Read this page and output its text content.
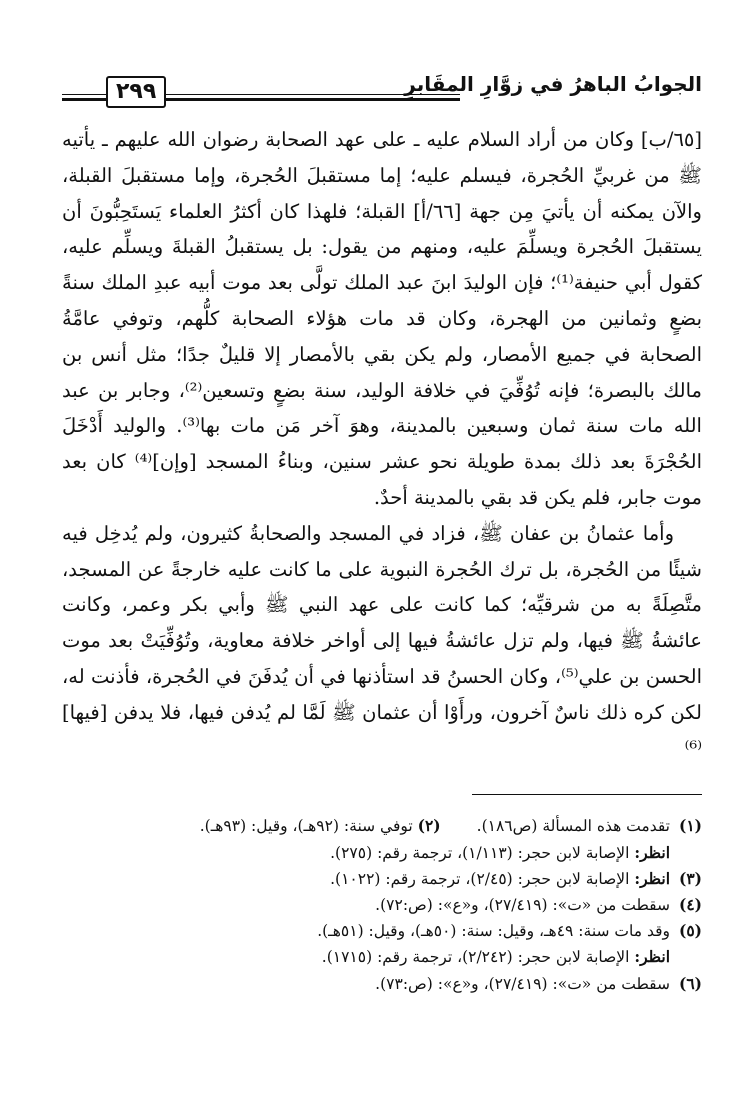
الجوابُ الباهرُ في زوَّارِ المقَابرِ
۲۹۹

[٦٥/ب] وكان من أراد السلام عليه ـ على عهد الصحابة رضوان الله عليهم ـ يأتيه ﷺ من غربيِّ الحُجرة، فيسلم عليه؛ إما مستقبلَ الحُجرة، وإما مستقبلَ القبلة، والآن يمكنه أن يأتيَ مِن جهة [٦٦/أ] القبلة؛ فلهذا كان أكثرُ العلماء يَستَحِبُّونَ أن يستقبلَ الحُجرة ويسلِّمَ عليه، ومنهم من يقول: بل يستقبلُ القبلةَ ويسلِّم عليه، كقول أبي حنيفة⁽¹⁾؛ فإن الوليدَ ابنَ عبد الملك تولَّى بعد موت أبيه عبدِ الملك سنةً بضعٍ وثمانين من الهجرة، وكان قد مات هؤلاء الصحابة كلُّهم، وتوفي عامَّةُ الصحابة في جميع الأمصار، ولم يكن بقي بالأمصار إلا قليلٌ جدًا؛ مثل أنس بن مالك بالبصرة؛ فإنه تُوُفِّيَ في خلافة الوليد، سنة بضعٍ وتسعين⁽²⁾، وجابر بن عبد الله مات سنة ثمان وسبعين بالمدينة، وهوَ آخر مَن مات بها⁽³⁾. والوليد أَدْخَلَ الحُجْرَةَ بعد ذلك بمدة طويلة نحو عشر سنين، وبناءُ المسجد [وإن]⁽⁴⁾ كان بعد موت جابر، فلم يكن قد بقي بالمدينة أحدٌ.

وأما عثمانُ بن عفان ﷺ، فزاد في المسجد والصحابةُ كثيرون، ولم يُدخِل فيه شيئًا من الحُجرة، بل ترك الحُجرة النبوية على ما كانت عليه خارجةً عن المسجد، متَّصِلَةً به من شرقيِّه؛ كما كانت على عهد النبي ﷺ وأبي بكر وعمر، وكانت عائشةُ ﷺ فيها، ولم تزل عائشةُ فيها إلى أواخر خلافة معاوية، وتُوُفِّيَتْ بعد موت الحسن بن علي⁽⁵⁾، وكان الحسنُ قد استأذنها في أن يُدفَنَ في الحُجرة، فأذنت له، لكن كره ذلك ناسٌ آخرون، ورأَوْا أن عثمان ﷺ لَمَّا لم يُدفن فيها، فلا يدفن [فيها]⁽⁶⁾

(١)تقدمت هذه المسألة (ص١٨٦).(٢) توفي سنة: (٩٢هـ)، وقيل: (٩٣هـ).
انظر: الإصابة لابن حجر: (١/١١٣)، ترجمة رقم: (٢٧٥).
(٣)انظر: الإصابة لابن حجر: (٢/٤٥)، ترجمة رقم: (١٠٢٢).
(٤)سقطت من «ت»: (٢٧/٤١٩)، و«ع»: (ص:٧٢).
(٥)وقد مات سنة: ٤٩هـ، وقيل: سنة: (٥٠هـ)، وقيل: (٥١هـ).
انظر: الإصابة لابن حجر: (٢/٢٤٢)، ترجمة رقم: (١٧١٥).
(٦)سقطت من «ت»: (٢٧/٤١٩)، و«ع»: (ص:٧٣).
